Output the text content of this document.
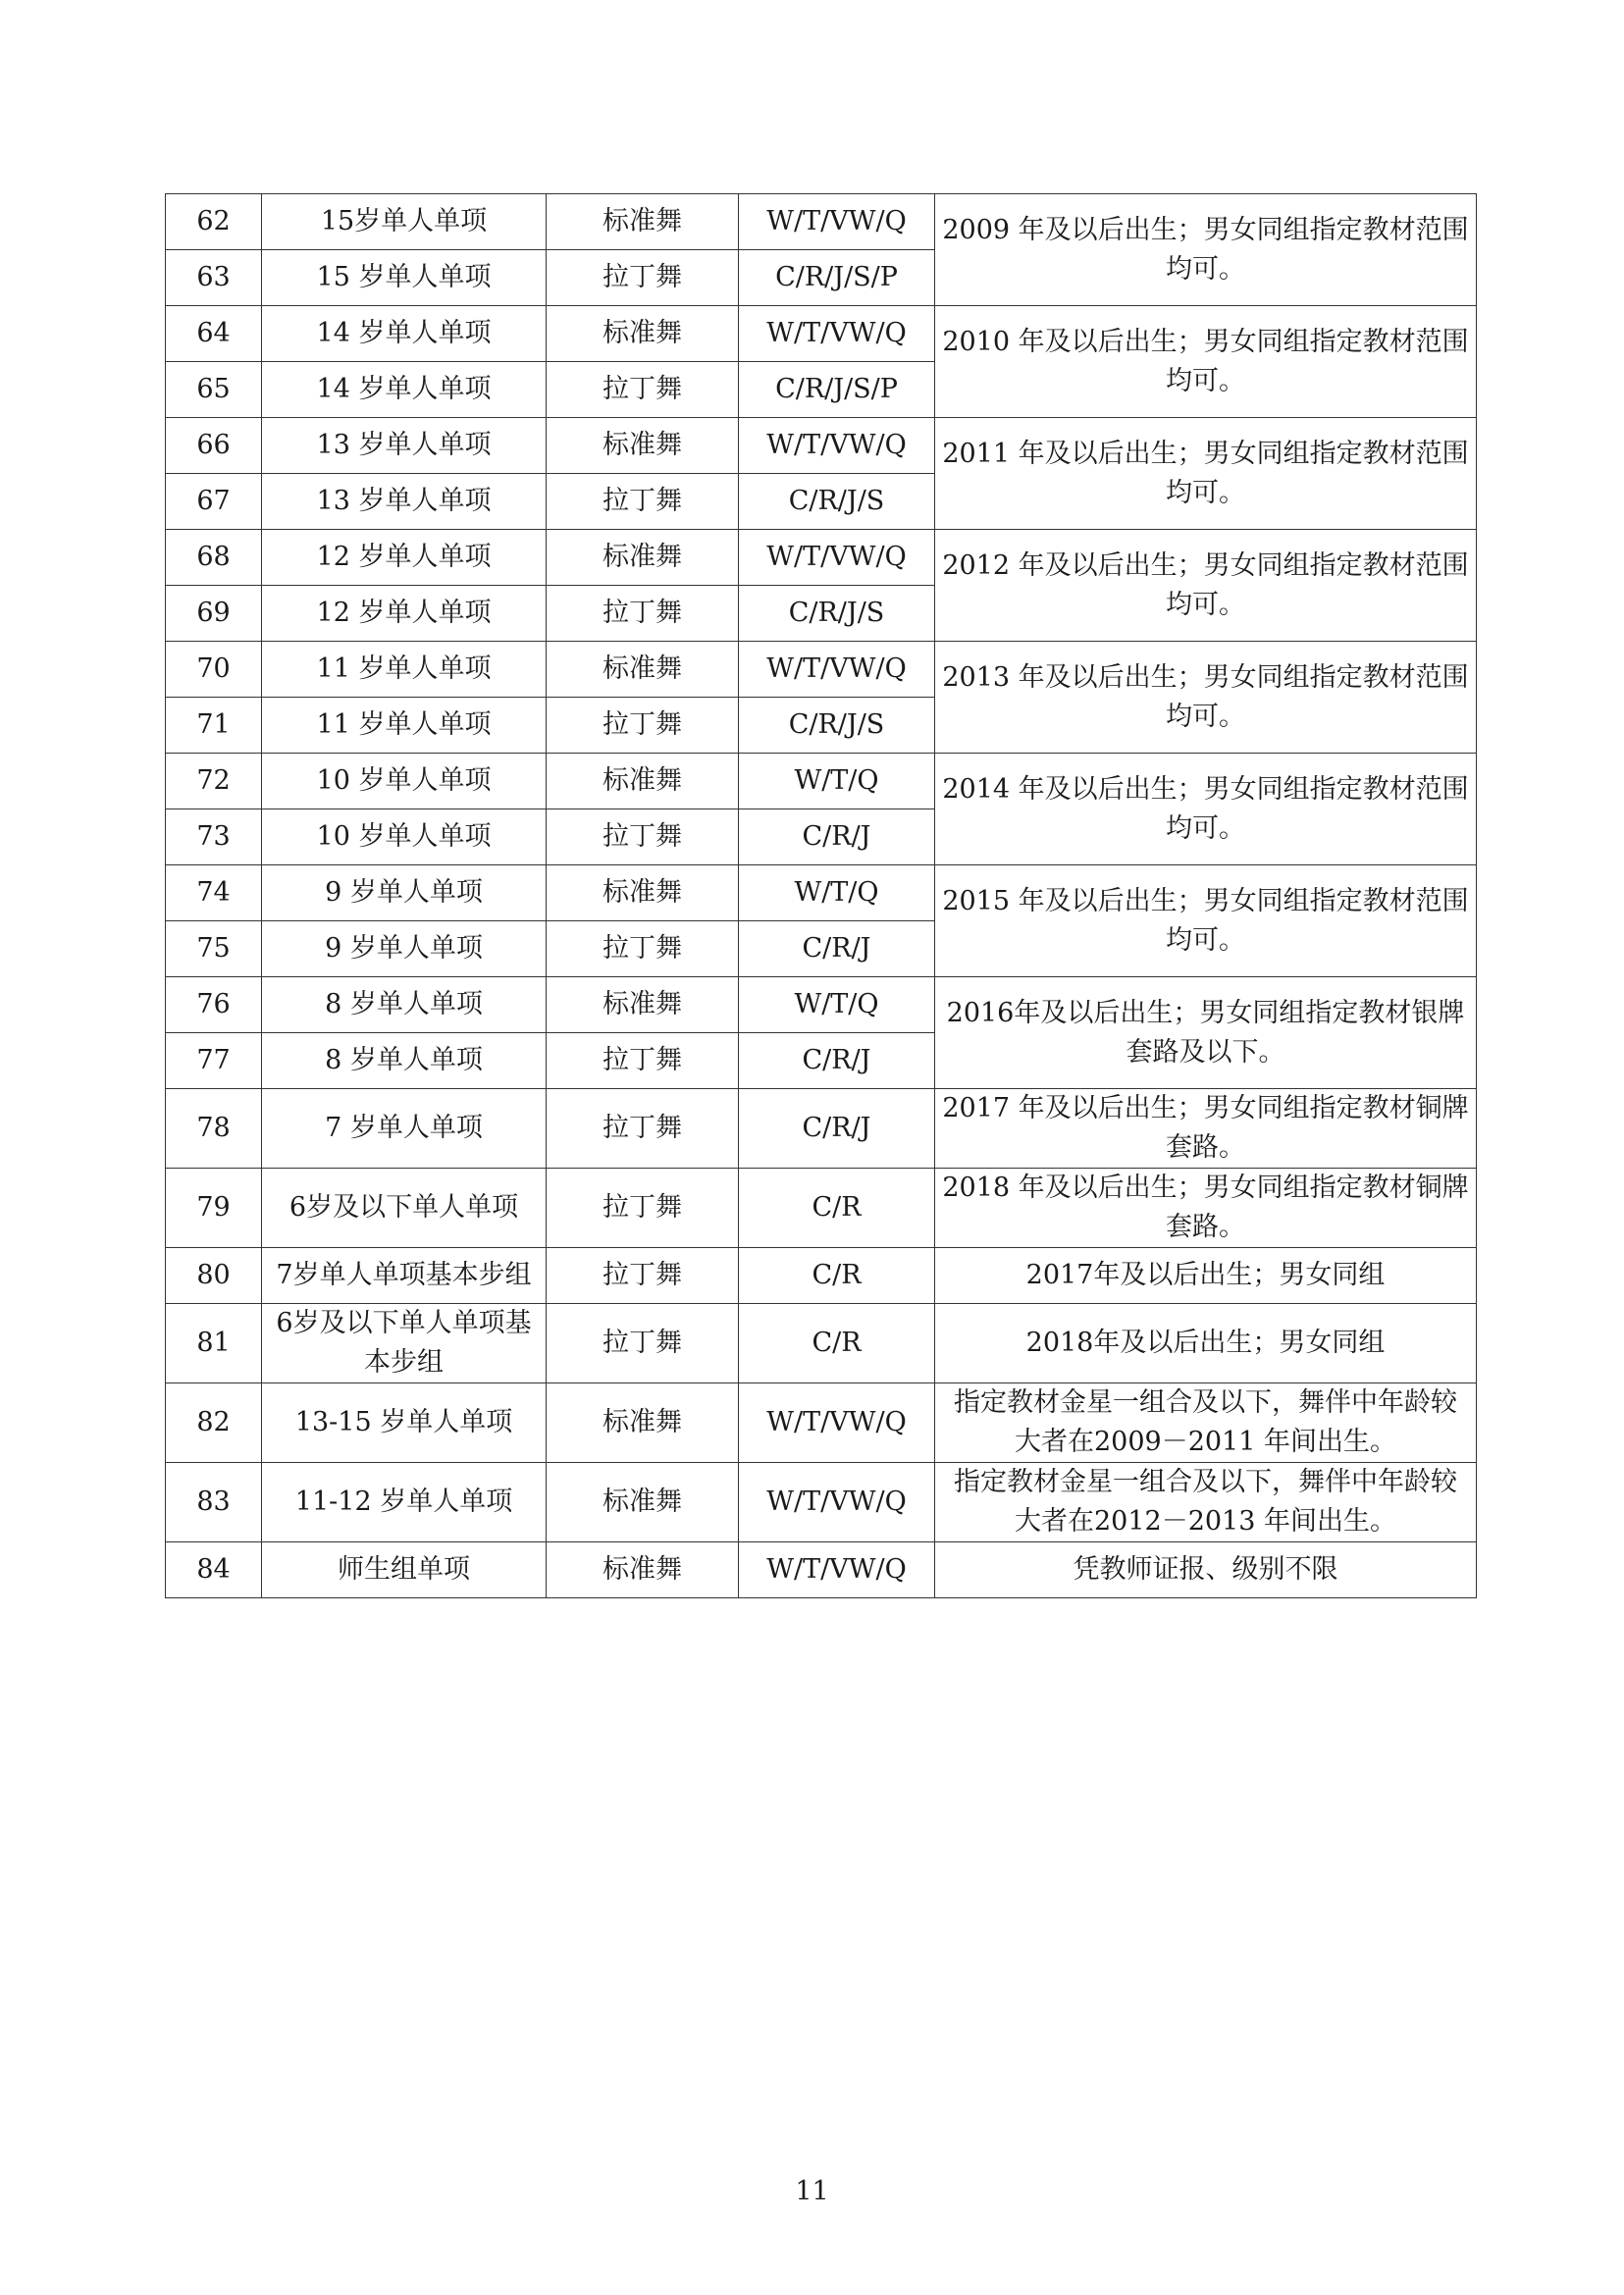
62	15岁单人单项	标准舞	W/T/VW/Q	2009 年及以后出生；男女同组指定教材范围均可。
63	15 岁单人单项	拉丁舞	C/R/J/S/P	
64	14 岁单人单项	标准舞	W/T/VW/Q	2010 年及以后出生；男女同组指定教材范围均可。
65	14 岁单人单项	拉丁舞	C/R/J/S/P	
66	13 岁单人单项	标准舞	W/T/VW/Q	2011 年及以后出生；男女同组指定教材范围均可。
67	13 岁单人单项	拉丁舞	C/R/J/S	
68	12 岁单人单项	标准舞	W/T/VW/Q	2012 年及以后出生；男女同组指定教材范围均可。
69	12 岁单人单项	拉丁舞	C/R/J/S	
70	11 岁单人单项	标准舞	W/T/VW/Q	2013 年及以后出生；男女同组指定教材范围均可。
71	11 岁单人单项	拉丁舞	C/R/J/S	
72	10 岁单人单项	标准舞	W/T/Q	2014 年及以后出生；男女同组指定教材范围均可。
73	10 岁单人单项	拉丁舞	C/R/J	
74	9 岁单人单项	标准舞	W/T/Q	2015 年及以后出生；男女同组指定教材范围均可。
75	9 岁单人单项	拉丁舞	C/R/J	
76	8 岁单人单项	标准舞	W/T/Q	2016年及以后出生；男女同组指定教材银牌套路及以下。
77	8 岁单人单项	拉丁舞	C/R/J	
78	7 岁单人单项	拉丁舞	C/R/J	2017 年及以后出生；男女同组指定教材铜牌套路。
79	6岁及以下单人单项	拉丁舞	C/R	2018 年及以后出生；男女同组指定教材铜牌套路。
80	7岁单人单项基本步组	拉丁舞	C/R	2017年及以后出生；男女同组
81	6岁及以下单人单项基本步组	拉丁舞	C/R	2018年及以后出生；男女同组
82	13-15 岁单人单项	标准舞	W/T/VW/Q	指定教材金星一组合及以下，舞伴中年龄较大者在2009－2011 年间出生。
83	11-12 岁单人单项	标准舞	W/T/VW/Q	指定教材金星一组合及以下，舞伴中年龄较大者在2012－2013 年间出生。
84	师生组单项	标准舞	W/T/VW/Q	凭教师证报、级别不限
11
